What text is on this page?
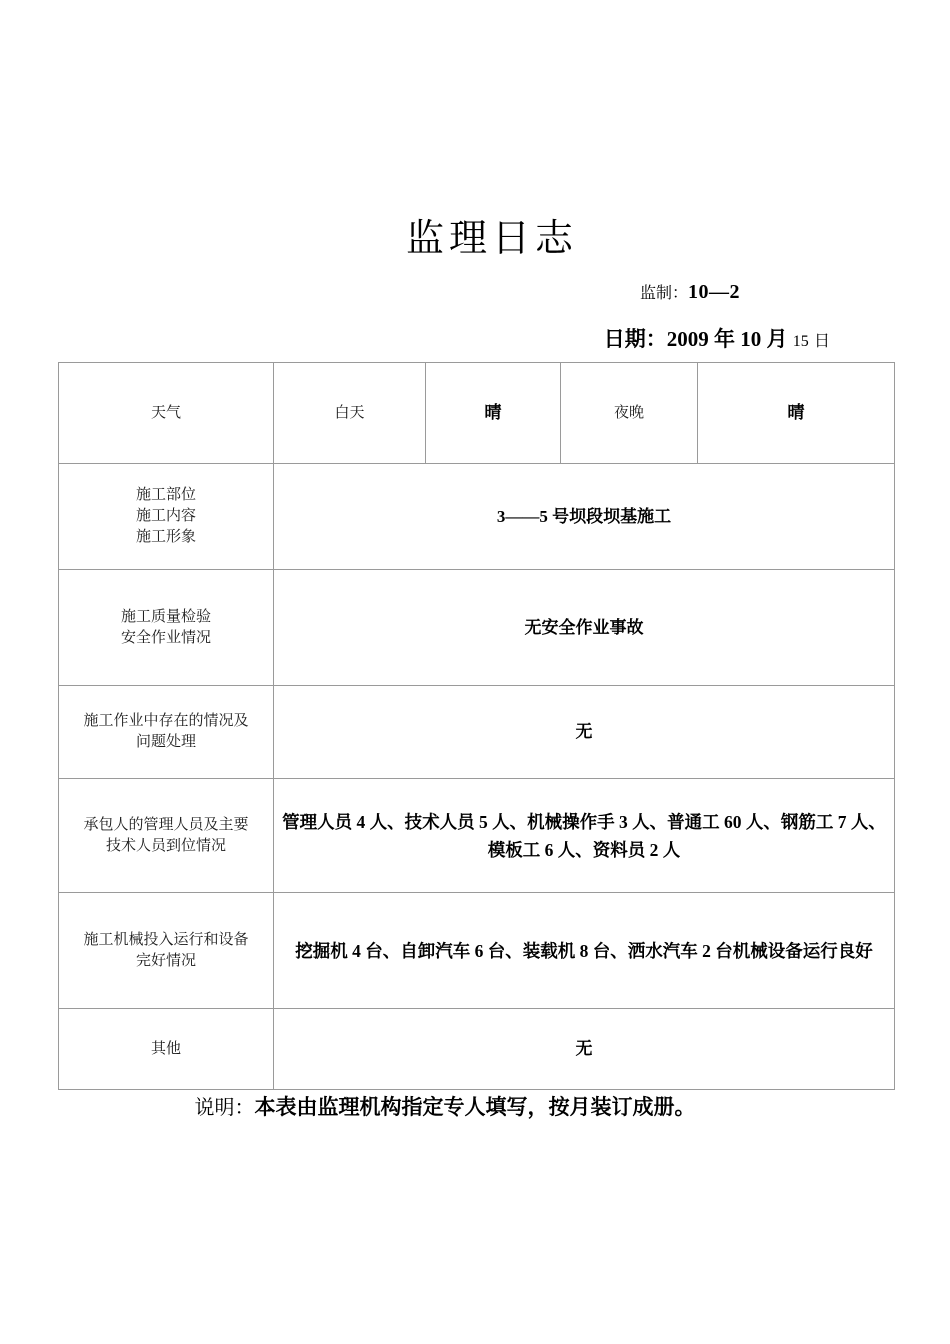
监理日志
监制：10—2
日期：2009 年 10 月 15 日
天气	白天	晴	夜晚	晴

施工部位
施工内容
施工形象	3——5 号坝段坝基施工			

施工质量检验
安全作业情况	无安全作业事故			

施工作业中存在的情况及
问题处理	无			

承包人的管理人员及主要
技术人员到位情况	管理人员 4 人、技术人员 5 人、机械操作手 3 人、普通工 60 人、钢筋工 7 人、模板工 6 人、资料员 2 人			

施工机械投入运行和设备
完好情况	挖掘机 4 台、自卸汽车 6 台、装载机 8 台、洒水汽车 2 台机械设备运行良好			
其他	无			
说明：本表由监理机构指定专人填写，按月装订成册。
